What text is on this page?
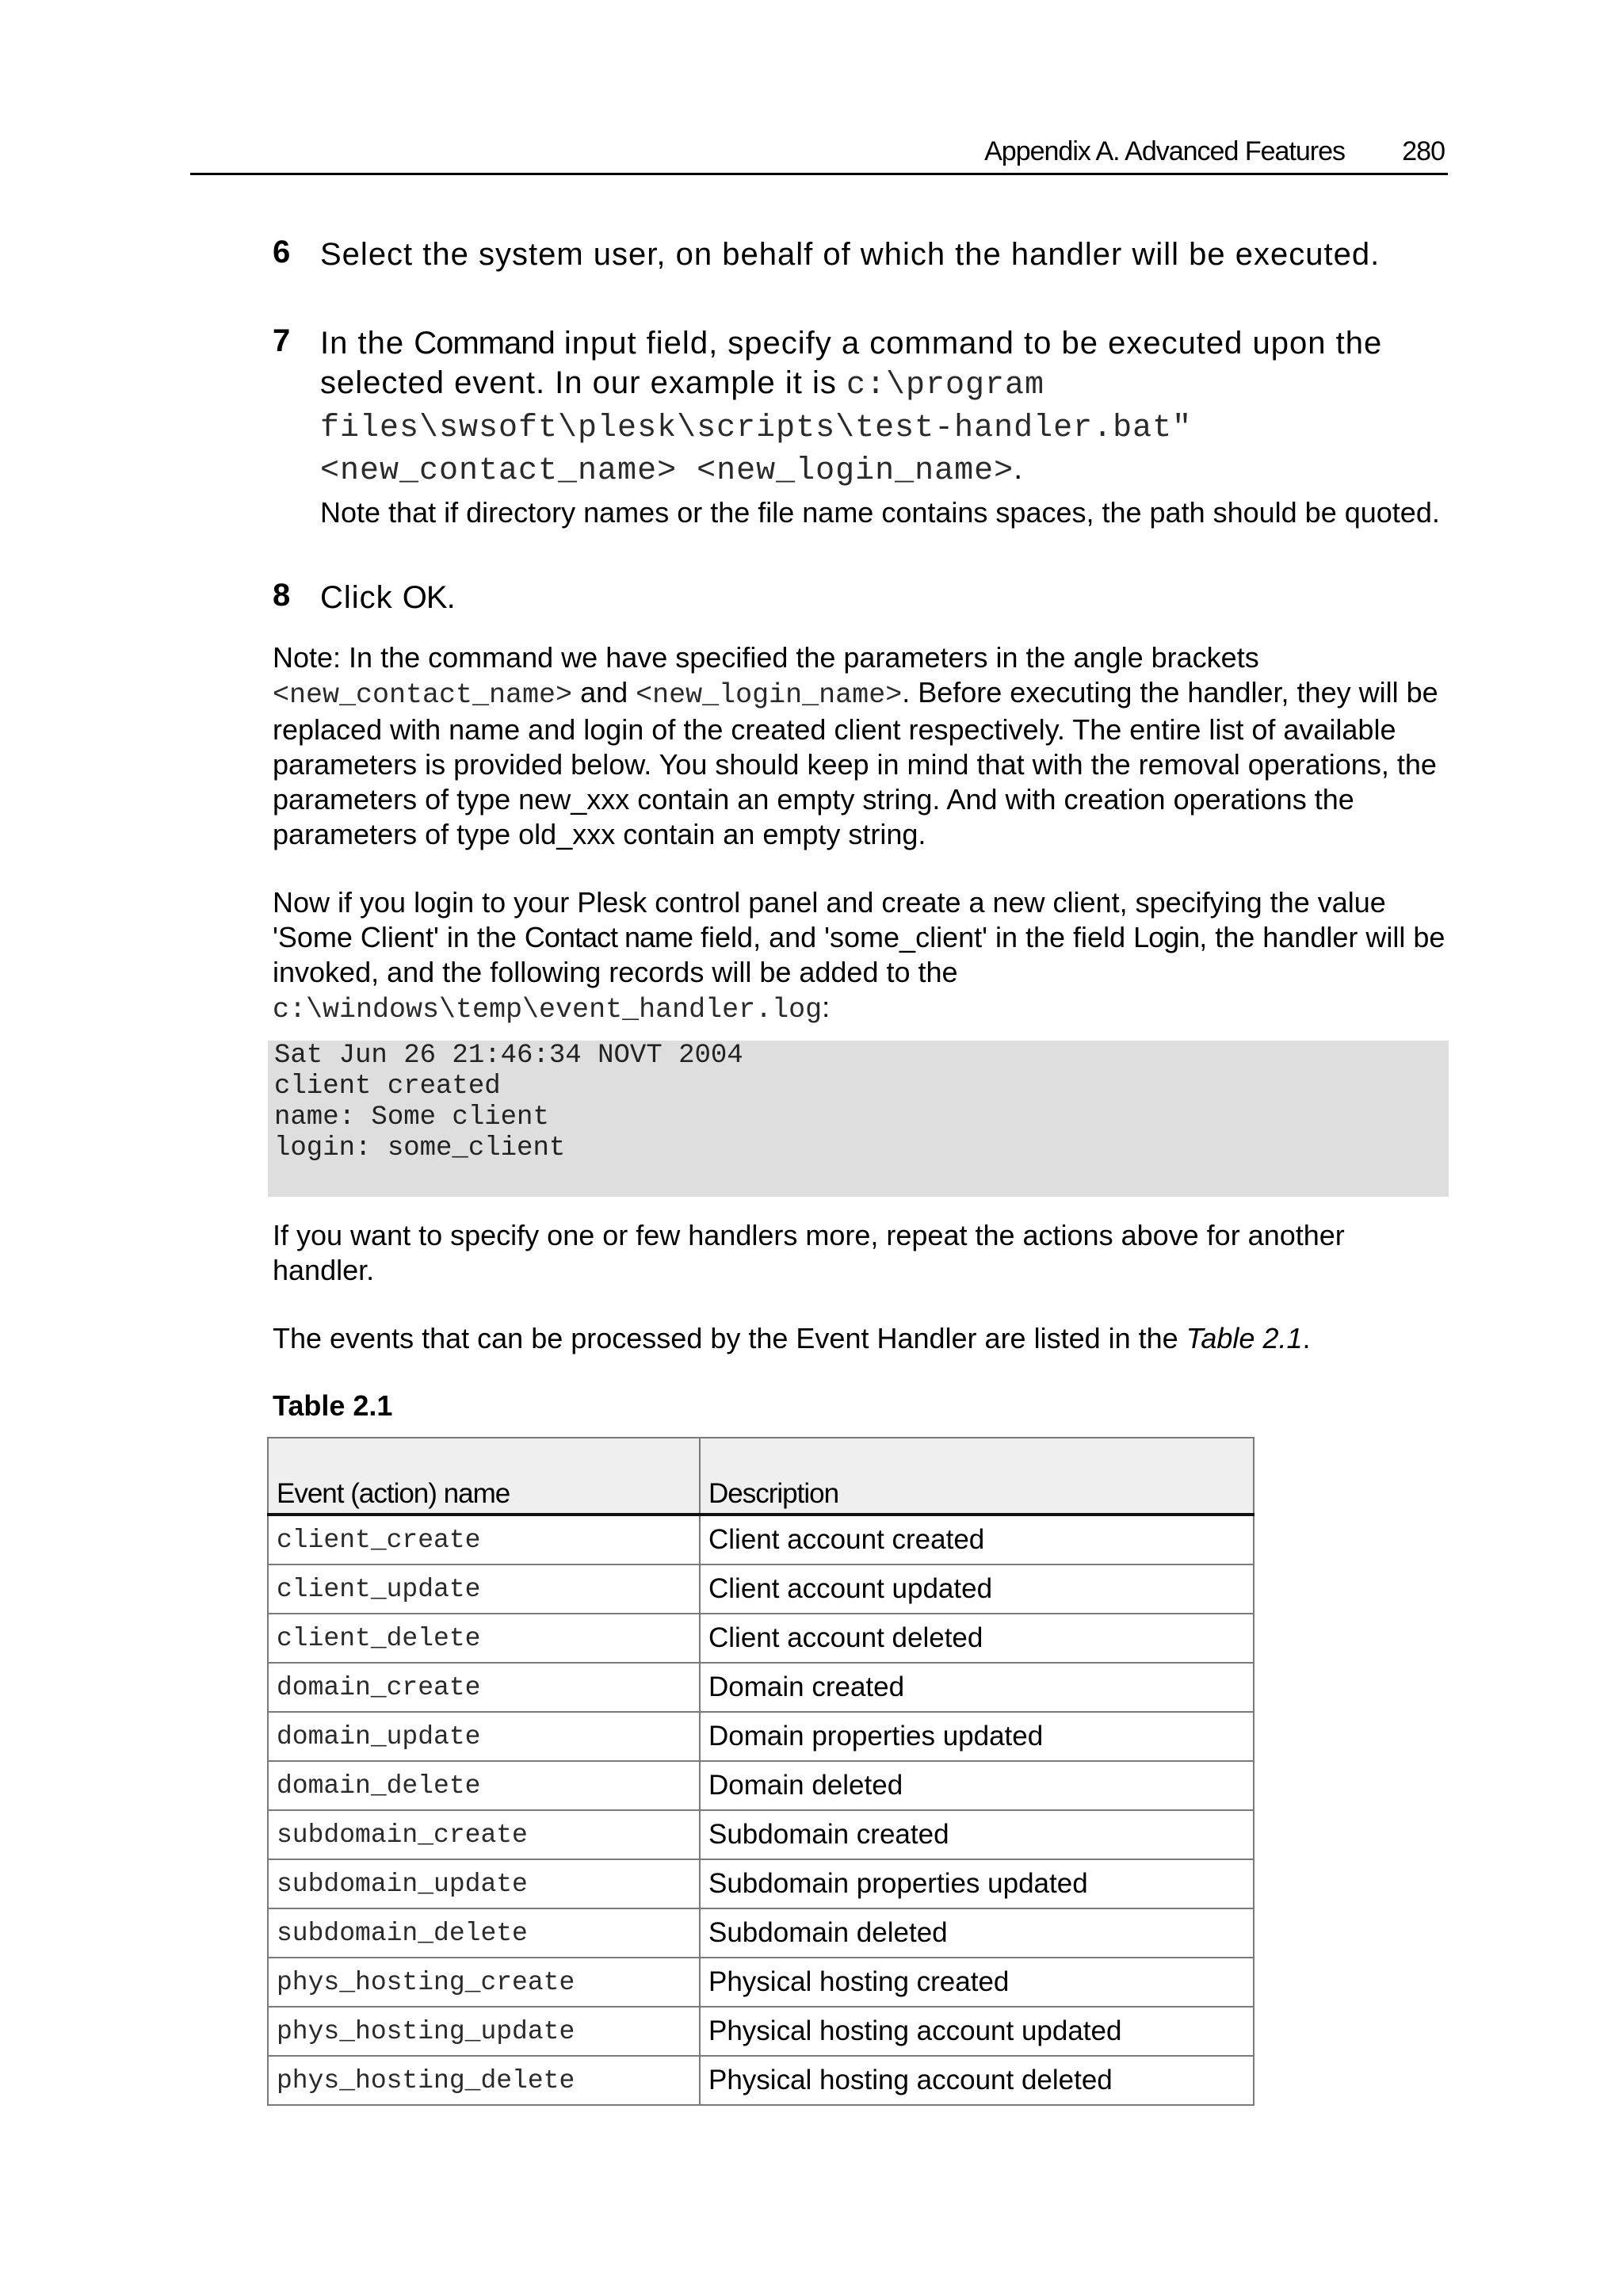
Appendix A. Advanced Features 280
6 Select the system user, on behalf of which the handler will be executed.
7 In the Command input field, specify a command to be executed upon the selected event. In our example it is c:\program files\swsoft\plesk\scripts\test-handler.bat" <new_contact_name> <new_login_name>.
Note that if directory names or the file name contains spaces, the path should be quoted.
8 Click OK.
Note: In the command we have specified the parameters in the angle brackets
<new_contact_name> and <new_login_name>. Before executing the handler, they will be replaced with name and login of the created client respectively. The entire list of available parameters is provided below. You should keep in mind that with the removal operations, the parameters of type new_xxx contain an empty string. And with creation operations the parameters of type old_xxx contain an empty string.
Now if you login to your Plesk control panel and create a new client, specifying the value 'Some Client' in the Contact name field, and 'some_client' in the field Login, the handler will be invoked, and the following records will be added to the
c:\windows\temp\event_handler.log:
Sat Jun 26 21:46:34 NOVT 2004
client created
name: Some client
login: some_client
If you want to specify one or few handlers more, repeat the actions above for another handler.
The events that can be processed by the Event Handler are listed in the Table 2.1.
Table 2.1
Event (action) name	Description
client_create	Client account created
client_update	Client account updated
client_delete	Client account deleted
domain_create	Domain created
domain_update	Domain properties updated
domain_delete	Domain deleted
subdomain_create	Subdomain created
subdomain_update	Subdomain properties updated
subdomain_delete	Subdomain deleted
phys_hosting_create	Physical hosting created
phys_hosting_update	Physical hosting account updated
phys_hosting_delete	Physical hosting account deleted
